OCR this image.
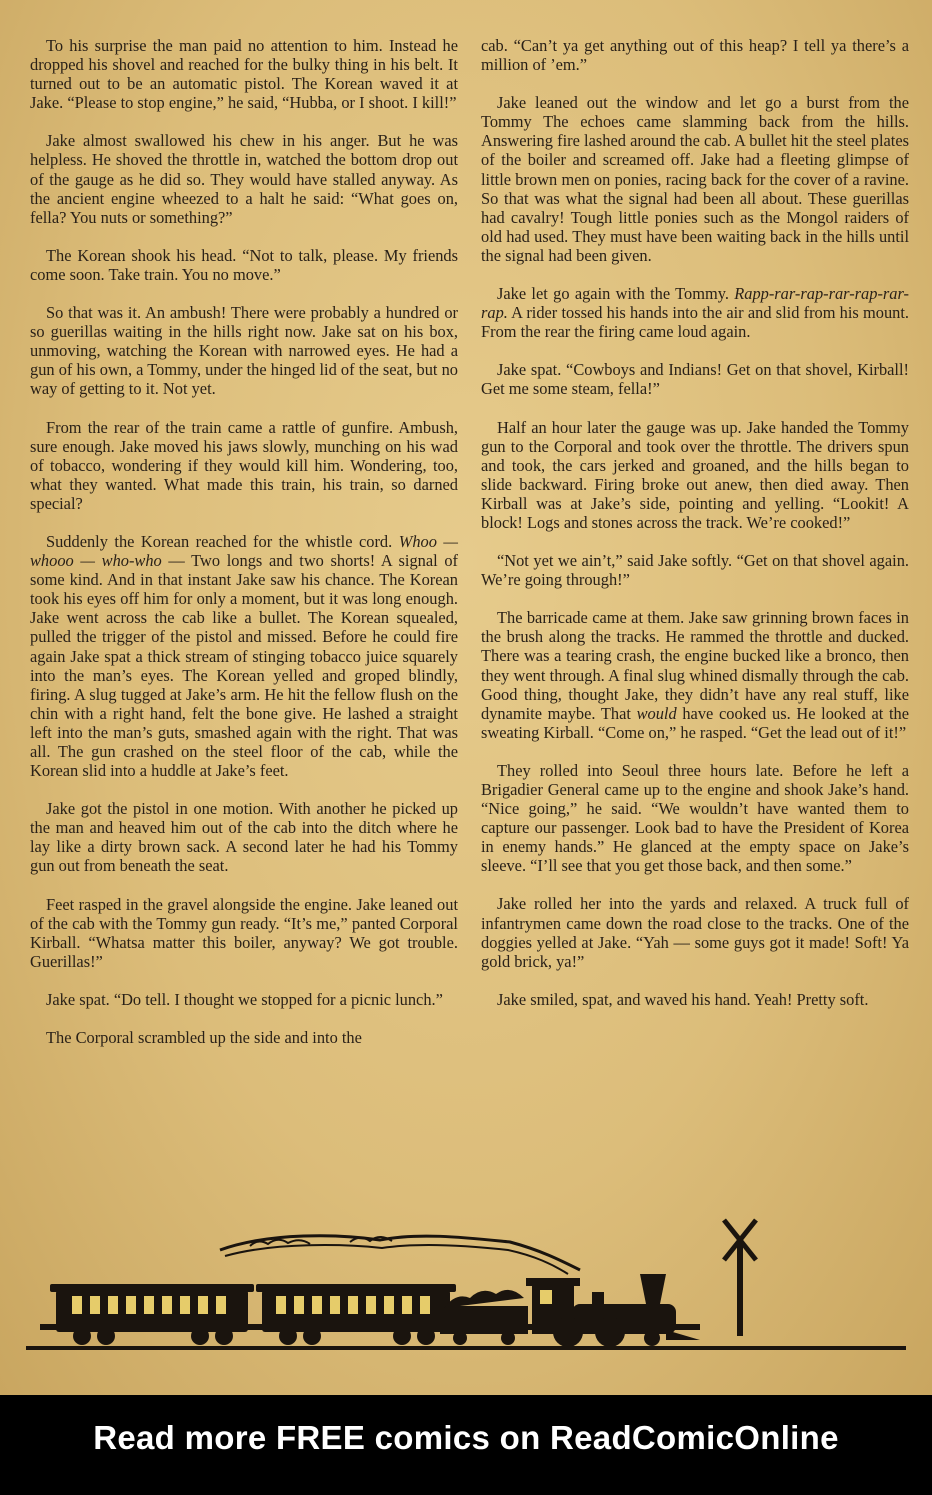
To his surprise the man paid no attention to him. Instead he dropped his shovel and reached for the bulky thing in his belt. It turned out to be an automatic pistol. The Korean waved it at Jake. “Please to stop engine,” he said, “Hubba, or I shoot. I kill!”

Jake almost swallowed his chew in his anger. But he was helpless. He shoved the throttle in, watched the bottom drop out of the gauge as he did so. They would have stalled anyway. As the ancient engine wheezed to a halt he said: “What goes on, fella? You nuts or something?”

The Korean shook his head. “Not to talk, please. My friends come soon. Take train. You no move.”

So that was it. An ambush! There were probably a hundred or so guerillas waiting in the hills right now. Jake sat on his box, unmoving, watching the Korean with narrowed eyes. He had a gun of his own, a Tommy, under the hinged lid of the seat, but no way of getting to it. Not yet.

From the rear of the train came a rattle of gunfire. Ambush, sure enough. Jake moved his jaws slowly, munching on his wad of tobacco, wondering if they would kill him. Wondering, too, what they wanted. What made this train, his train, so darned special?

Suddenly the Korean reached for the whistle cord. Whoo — whooo — who-who — Two longs and two shorts! A signal of some kind. And in that instant Jake saw his chance. The Korean took his eyes off him for only a moment, but it was long enough. Jake went across the cab like a bullet. The Korean squealed, pulled the trigger of the pistol and missed. Before he could fire again Jake spat a thick stream of stinging tobacco juice squarely into the man’s eyes. The Korean yelled and groped blindly, firing. A slug tugged at Jake’s arm. He hit the fellow flush on the chin with a right hand, felt the bone give. He lashed a straight left into the man’s guts, smashed again with the right. That was all. The gun crashed on the steel floor of the cab, while the Korean slid into a huddle at Jake’s feet.

Jake got the pistol in one motion. With another he picked up the man and heaved him out of the cab into the ditch where he lay like a dirty brown sack. A second later he had his Tommy gun out from beneath the seat.

Feet rasped in the gravel alongside the engine. Jake leaned out of the cab with the Tommy gun ready. “It’s me,” panted Corporal Kirball. “Whatsa matter this boiler, anyway? We got trouble. Guerillas!”

Jake spat. “Do tell. I thought we stopped for a picnic lunch.”

The Corporal scrambled up the side and into the

cab. “Can’t ya get anything out of this heap? I tell ya there’s a million of ’em.”

Jake leaned out the window and let go a burst from the Tommy The echoes came slamming back from the hills. Answering fire lashed around the cab. A bullet hit the steel plates of the boiler and screamed off. Jake had a fleeting glimpse of little brown men on ponies, racing back for the cover of a ravine. So that was what the signal had been all about. These guerillas had cavalry! Tough little ponies such as the Mongol raiders of old had used. They must have been waiting back in the hills until the signal had been given.

Jake let go again with the Tommy. Rapp-rar-rap-rar-rap-rar-rap. A rider tossed his hands into the air and slid from his mount. From the rear the firing came loud again.

Jake spat. “Cowboys and Indians! Get on that shovel, Kirball! Get me some steam, fella!”

Half an hour later the gauge was up. Jake handed the Tommy gun to the Corporal and took over the throttle. The drivers spun and took, the cars jerked and groaned, and the hills began to slide backward. Firing broke out anew, then died away. Then Kirball was at Jake’s side, pointing and yelling. “Lookit! A block! Logs and stones across the track. We’re cooked!”

“Not yet we ain’t,” said Jake softly. “Get on that shovel again. We’re going through!”

The barricade came at them. Jake saw grinning brown faces in the brush along the tracks. He rammed the throttle and ducked. There was a tearing crash, the engine bucked like a bronco, then they went through. A final slug whined dismally through the cab. Good thing, thought Jake, they didn’t have any real stuff, like dynamite maybe. That would have cooked us. He looked at the sweating Kirball. “Come on,” he rasped. “Get the lead out of it!”

They rolled into Seoul three hours late. Before he left a Brigadier General came up to the engine and shook Jake’s hand. “Nice going,” he said. “We wouldn’t have wanted them to capture our passenger. Look bad to have the President of Korea in enemy hands.” He glanced at the empty space on Jake’s sleeve. “I’ll see that you get those back, and then some.”

Jake rolled her into the yards and relaxed. A truck full of infantrymen came down the road close to the tracks. One of the doggies yelled at Jake. “Yah — some guys got it made! Soft! Ya gold brick, ya!”

Jake smiled, spat, and waved his hand. Yeah! Pretty soft.

Read more FREE comics on ReadComicOnline
